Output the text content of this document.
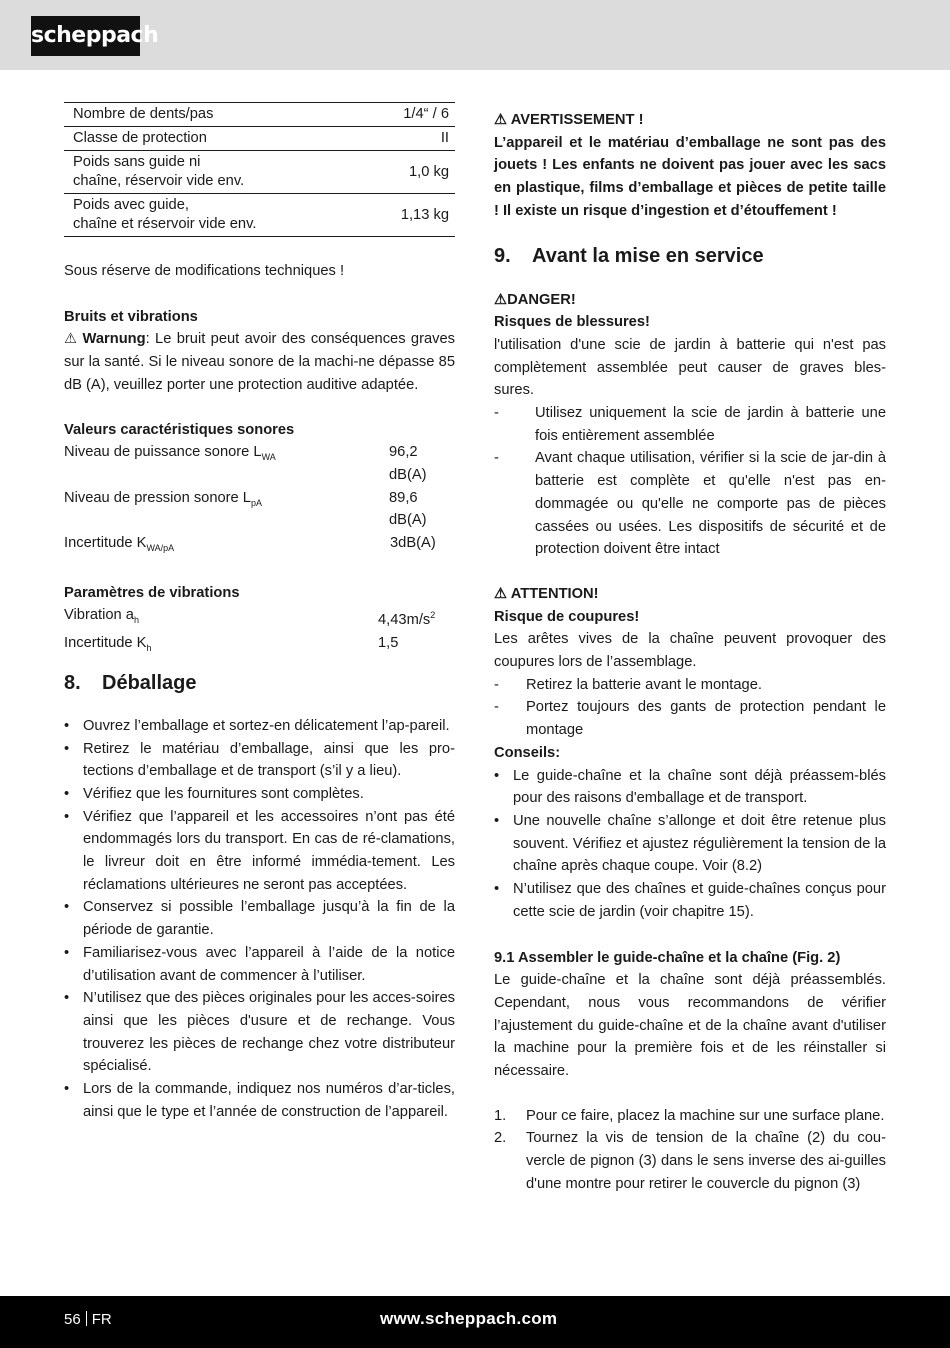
scheppach
Nombre de dents/pas	1/4“ / 6
Classe de protection	II
Poids sans guide ni
chaîne, réservoir vide env.	1,0 kg
Poids avec guide,
chaîne et réservoir vide env.	1,13 kg

Sous réserve de modifications techniques !

Bruits et vibrations

⚠ Warnung: Le bruit peut avoir des conséquences graves sur la santé. Si le niveau sonore de la machi-ne dépasse 85 dB (A), veuillez porter une protection auditive adaptée.

Valeurs caractéristiques sonores

Niveau de puissance sonore $L_{WA}$	96,2 dB(A)
Niveau de pression sonore $L_{pA}$	89,6 dB(A)
Incertitude $K_{WA/pA}$	3dB(A)

Paramètres de vibrations

Vibration $a_h$	$4,43m/s^2$
Incertitude $K_h$	1,5
8. Déballage
• Ouvrez l’emballage et sortez-en délicatement l’ap-pareil.
• Retirez le matériau d’emballage, ainsi que les pro-tections d’emballage et de transport (s’il y a lieu).
• Vérifiez que les fournitures sont complètes.
• Vérifiez que l’appareil et les accessoires n’ont pas été endommagés lors du transport. En cas de ré-clamations, le livreur doit en être informé immédia-tement. Les réclamations ultérieures ne seront pas acceptées.
• Conservez si possible l’emballage jusqu’à la fin de la période de garantie.
• Familiarisez-vous avec l’appareil à l’aide de la notice d’utilisation avant de commencer à l’utiliser.
• N’utilisez que des pièces originales pour les acces-soires ainsi que les pièces d'usure et de rechange. Vous trouverez les pièces de rechange chez votre distributeur spécialisé.
• Lors de la commande, indiquez nos numéros d’ar-ticles, ainsi que le type et l’année de construction de l’appareil.

⚠ AVERTISSEMENT !

L’appareil et le matériau d’emballage ne sont pas des jouets ! Les enfants ne doivent pas jouer avec les sacs en plastique, films d’emballage et pièces de petite taille ! Il existe un risque d’ingestion et d’étouffement !

9. Avant la mise en service

⚠DANGER!

Risques de blessures!

l'utilisation d'une scie de jardin à batterie qui n'est pas complètement assemblée peut causer de graves bles-sures.

- Utilisez uniquement la scie de jardin à batterie une fois entièrement assemblée
- Avant chaque utilisation, vérifier si la scie de jar-din à batterie est complète et qu'elle n'est pas en-dommagée ou qu'elle ne comporte pas de pièces cassées ou usées. Les dispositifs de sécurité et de protection doivent être intact

⚠ ATTENTION!

Risque de coupures!

Les arêtes vives de la chaîne peuvent provoquer des coupures lors de l’assemblage.

- Retirez la batterie avant le montage.
- Portez toujours des gants de protection pendant le montage

Conseils:

• Le guide-chaîne et la chaîne sont déjà préassem-blés pour des raisons d'emballage et de transport.
• Une nouvelle chaîne s’allonge et doit être retenue plus souvent. Vérifiez et ajustez régulièrement la tension de la chaîne après chaque coupe. Voir (8.2)
• N’utilisez que des chaînes et guide-chaînes conçus pour cette scie de jardin (voir chapitre 15).

9.1 Assembler le guide-chaîne et la chaîne (Fig. 2)

Le guide-chaîne et la chaîne sont déjà préassemblés. Cependant, nous vous recommandons de vérifier l’ajustement du guide-chaîne et de la chaîne avant d'utiliser la machine pour la première fois et de les réinstaller si nécessaire.

1. Pour ce faire, placez la machine sur une surface plane.
2. Tournez la vis de tension de la chaîne (2) du cou-vercle de pignon (3) dans le sens inverse des ai-guilles d'une montre pour retirer le couvercle du pignon (3)
56 FR	www.scheppach.com
